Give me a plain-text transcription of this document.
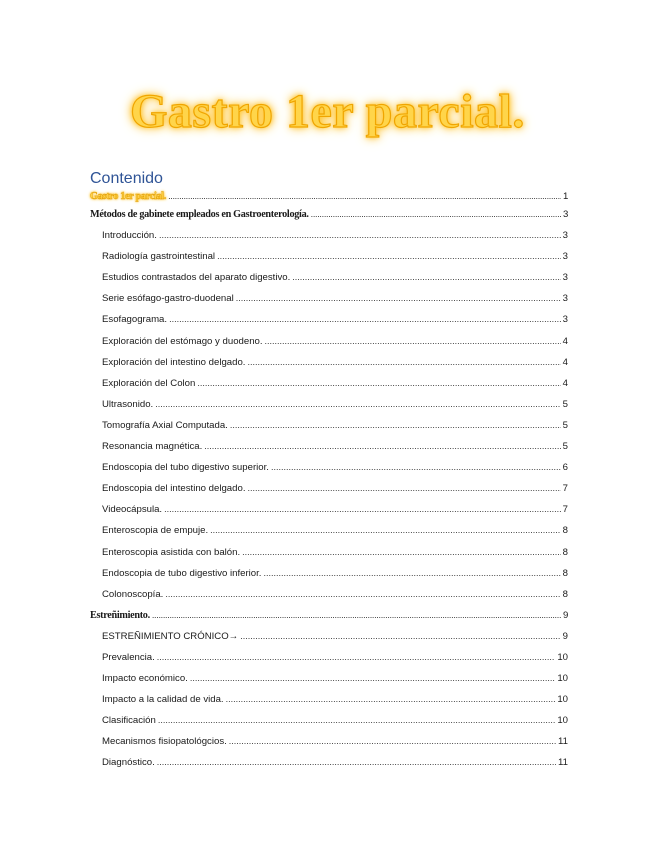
Gastro 1er parcial.
Contenido
Gastro 1er parcial. .....	1
Métodos de gabinete empleados en Gastroenterología. .....	3
Introducción. .....	3
Radiología gastrointestinal .....	3
Estudios contrastados del aparato digestivo. .....	3
Serie esófago-gastro-duodenal .....	3
Esofagograma. .....	3
Exploración del estómago y duodeno. .....	4
Exploración del intestino delgado. .....	4
Exploración del Colon .....	4
Ultrasonido. .....	5
Tomografía Axial Computada. .....	5
Resonancia magnética. .....	5
Endoscopia del tubo digestivo superior. .....	6
Endoscopia del intestino delgado. .....	7
Videocápsula. .....	7
Enteroscopia de empuje. .....	8
Enteroscopia asistida con balón. .....	8
Endoscopia de tubo digestivo inferior. .....	8
Colonoscopía. .....	8
Estreñimiento. .....	9
ESTREÑIMIENTO CRÓNICO→ .....	9
Prevalencia. .....	10
Impacto económico. .....	10
Impacto a la calidad de vida. .....	10
Clasificación .....	10
Mecanismos fisiopatológcios. .....	11
Diagnóstico. .....	11
